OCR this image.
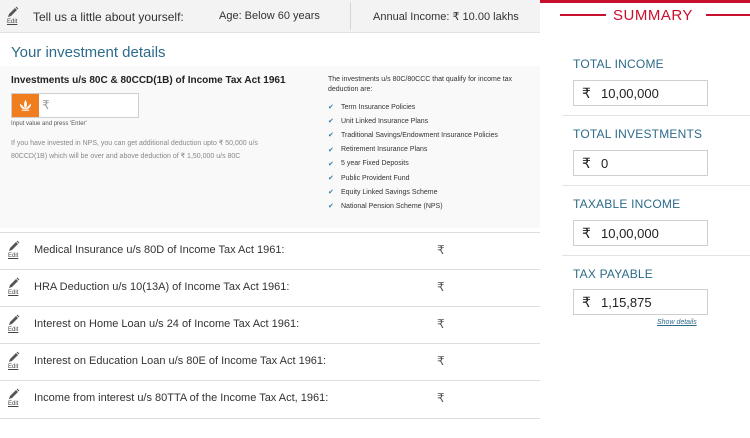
Edit Tell us a little about yourself:	Age: Below 60 years	Annual Income: ₹ 10.00 lakhs
Your investment details
Investments u/s 80C & 80CCD(1B) of Income Tax Act 1961
₹
Input value and press 'Enter'
If you have invested in NPS, you can get additional deduction upto ₹ 50,000 u/s 80CCD(1B) which will be over and above deduction of ₹ 1,50,000 u/s 80C
The investments u/s 80C/80CCC that qualify for income tax deduction are:
✔	Term Insurance Policies
✔	Unit Linked Insurance Plans
✔	Traditional Savings/Endowment Insurance Policies
✔	Retirement Insurance Plans
✔	5 year Fixed Deposits
✔	Public Provident Fund
✔	Equity Linked Savings Scheme
✔	National Pension Scheme (NPS)
Edit Medical Insurance u/s 80D of Income Tax Act 1961:	₹
Edit HRA Deduction u/s 10(13A) of Income Tax Act 1961:	₹
Edit Interest on Home Loan u/s 24 of Income Tax Act 1961:	₹
Edit Interest on Education Loan u/s 80E of Income Tax Act 1961:	₹
Edit Income from interest u/s 80TTA of the Income Tax Act, 1961:	₹
SUMMARY
TOTAL INCOME
₹ 10,00,000
TOTAL INVESTMENTS
₹ 0
TAXABLE INCOME
₹ 10,00,000
TAX PAYABLE
₹ 1,15,875
Show details
